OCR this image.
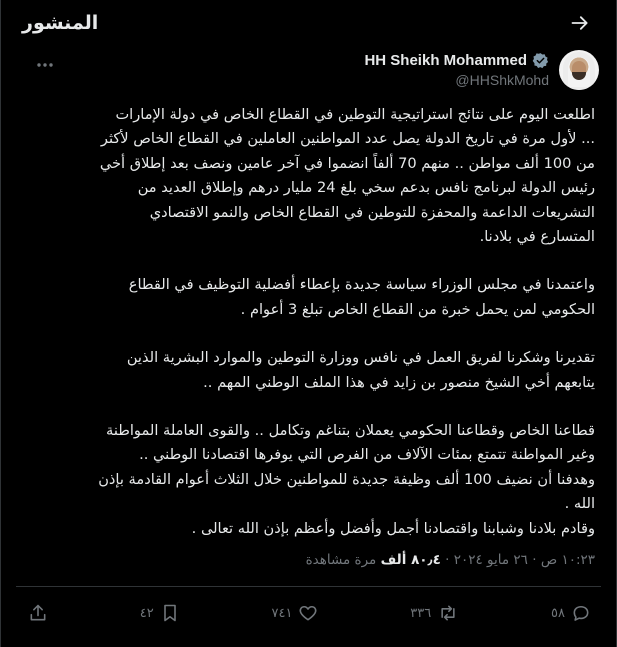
المنشور
HH Sheikh Mohammed
@HHShkMohd

اطلعت اليوم على نتائج استراتيجية التوطين في القطاع الخاص في دولة الإمارات
... لأول مرة في تاريخ الدولة يصل عدد المواطنين العاملين في القطاع الخاص لأكثر
من 100 ألف مواطن .. منهم 70 ألفاً انضموا في آخر عامين ونصف بعد إطلاق أخي
رئيس الدولة لبرنامج نافس بدعم سخي بلغ 24 مليار درهم وإطلاق العديد من
التشريعات الداعمة والمحفزة للتوطين في القطاع الخاص والنمو الاقتصادي
المتسارع في بلادنا.

واعتمدنا في مجلس الوزراء سياسة جديدة بإعطاء أفضلية التوظيف في القطاع
الحكومي لمن يحمل خبرة من القطاع الخاص تبلغ 3 أعوام .

تقديرنا وشكرنا لفريق العمل في نافس ووزارة التوطين والموارد البشرية الذين
يتابعهم أخي الشيخ منصور بن زايد في هذا الملف الوطني المهم ..

قطاعنا الخاص وقطاعنا الحكومي يعملان بتناغم وتكامل .. والقوى العاملة المواطنة
وغير المواطنة تتمتع بمئات الآلاف من الفرص التي يوفرها اقتصادنا الوطني ..
وهدفنا أن نضيف 100 ألف وظيفة جديدة للمواطنين خلال الثلاث أعوام القادمة بإذن
الله .
وقادم بلادنا وشبابنا واقتصادنا أجمل وأفضل وأعظم بإذن الله تعالى .

١٠:٢٣ ص · ٢٦ مايو ٢٠٢٤ · ٨٠٫٤ ألف مرة مشاهدة
٤٢	٧٤١	٣٣٦	٥٨
